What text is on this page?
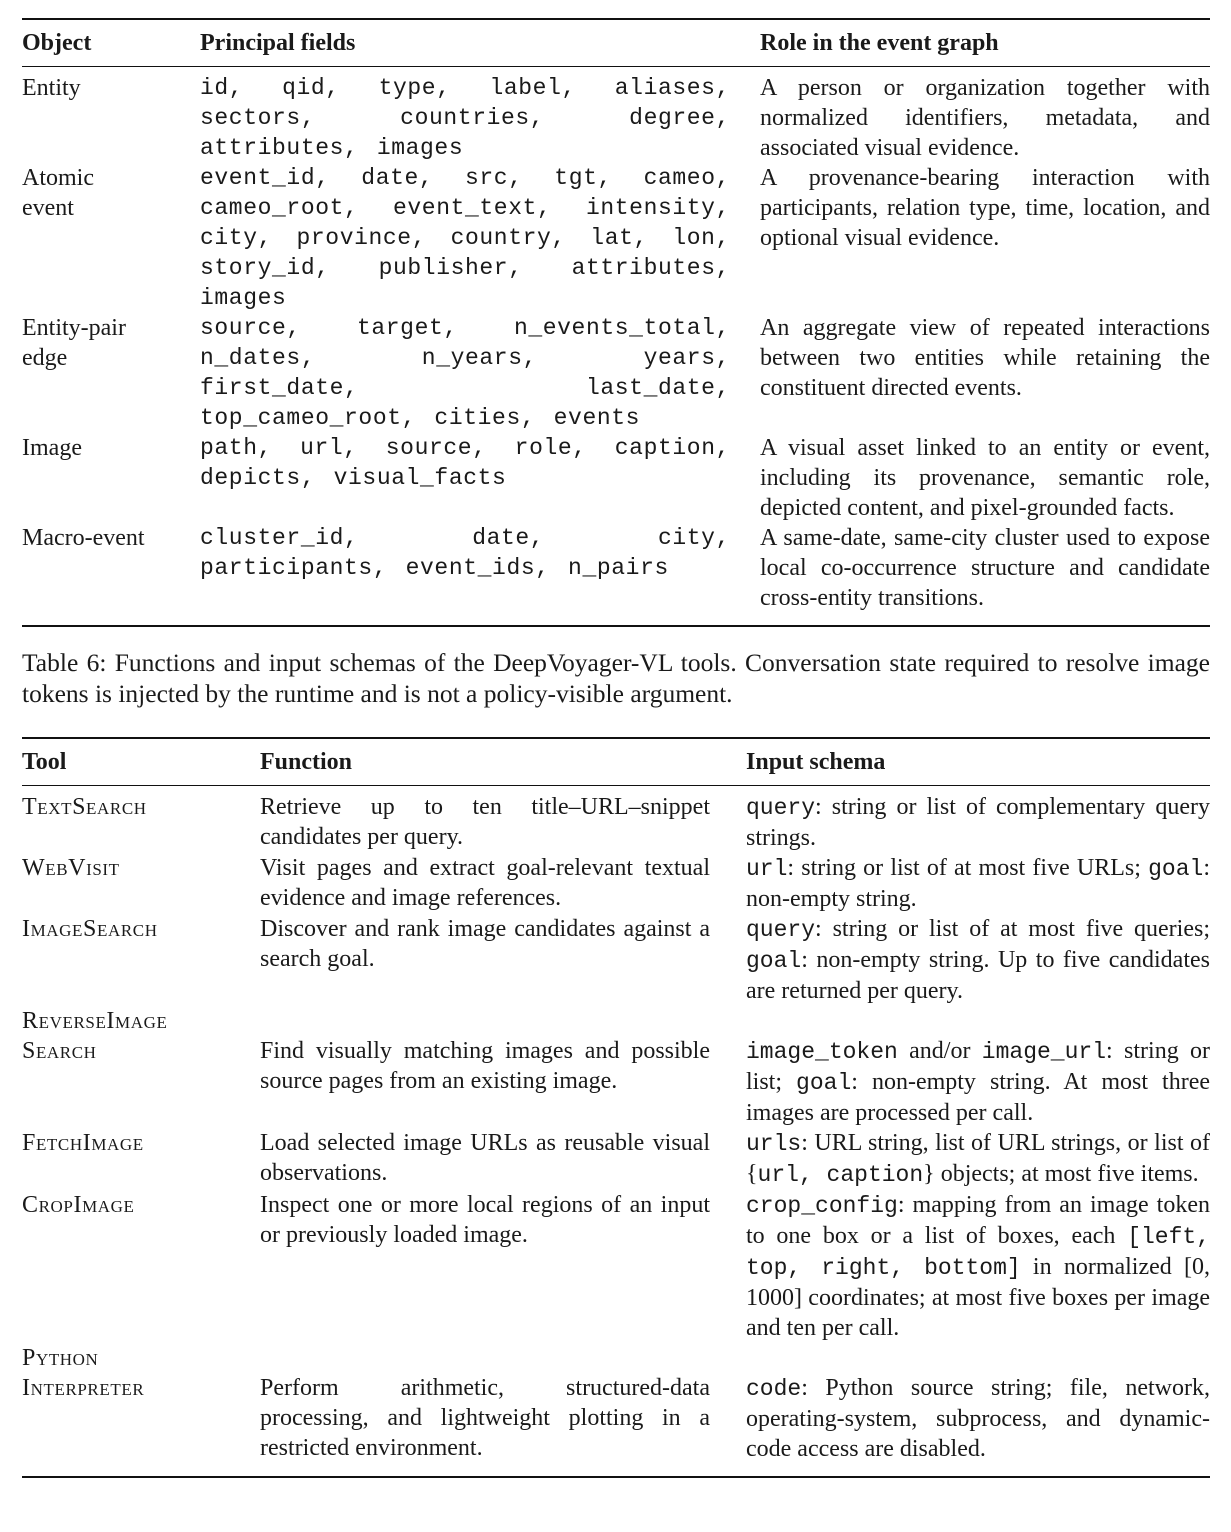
Object	Principal fields	Role in the event graph
Entity	id, qid, type, label, aliases, sectors, countries, degree, attributes, images	A person or organization together with normalized identifiers, metadata, and associated visual evidence.
Atomic event	event_id, date, src, tgt, cameo, cameo_root, event_text, intensity, city, province, country, lat, lon, story_id, publisher, attributes, images	A provenance-bearing interaction with participants, relation type, time, location, and optional visual evidence.
Entity-pair edge	source, target, n_events_total, n_dates, n_years, years, first_date, last_date, top_cameo_root, cities, events	An aggregate view of repeated interactions between two entities while retaining the constituent directed events.
Image	path, url, source, role, caption, depicts, visual_facts	A visual asset linked to an entity or event, including its provenance, semantic role, depicted content, and pixel-grounded facts.
Macro-event	cluster_id, date, city, participants, event_ids, n_pairs	A same-date, same-city cluster used to expose local co-occurrence structure and candidate cross-entity transitions.

Table 6: Functions and input schemas of the DeepVoyager-VL tools. Conversation state required to resolve image tokens is injected by the runtime and is not a policy-visible argument.

Tool	Function	Input schema
TextSearch	Retrieve up to ten title–URL–snippet candidates per query.	query: string or list of complementary query strings.
WebVisit	Visit pages and extract goal-relevant textual evidence and image references.	url: string or list of at most five URLs; goal: non-empty string.
ImageSearch	Discover and rank image candidates against a search goal.	query: string or list of at most five queries; goal: non-empty string. Up to five candidates are returned per query.
ReverseImage
Search	Find visually matching images and possible source pages from an existing image.	image_token and/or image_url: string or list; goal: non-empty string. At most three images are processed per call.
FetchImage	Load selected image URLs as reusable visual observations.	urls: URL string, list of URL strings, or list of {url, caption} objects; at most five items.
CropImage	Inspect one or more local regions of an input or previously loaded image.	crop_config: mapping from an image token to one box or a list of boxes, each [left, top, right, bottom] in normalized [0, 1000] coordinates; at most five boxes per image and ten per call.
Python
Interpreter	Perform arithmetic, structured-data processing, and lightweight plotting in a restricted environment.	code: Python source string; file, network, operating-system, subprocess, and dynamic-code access are disabled.
